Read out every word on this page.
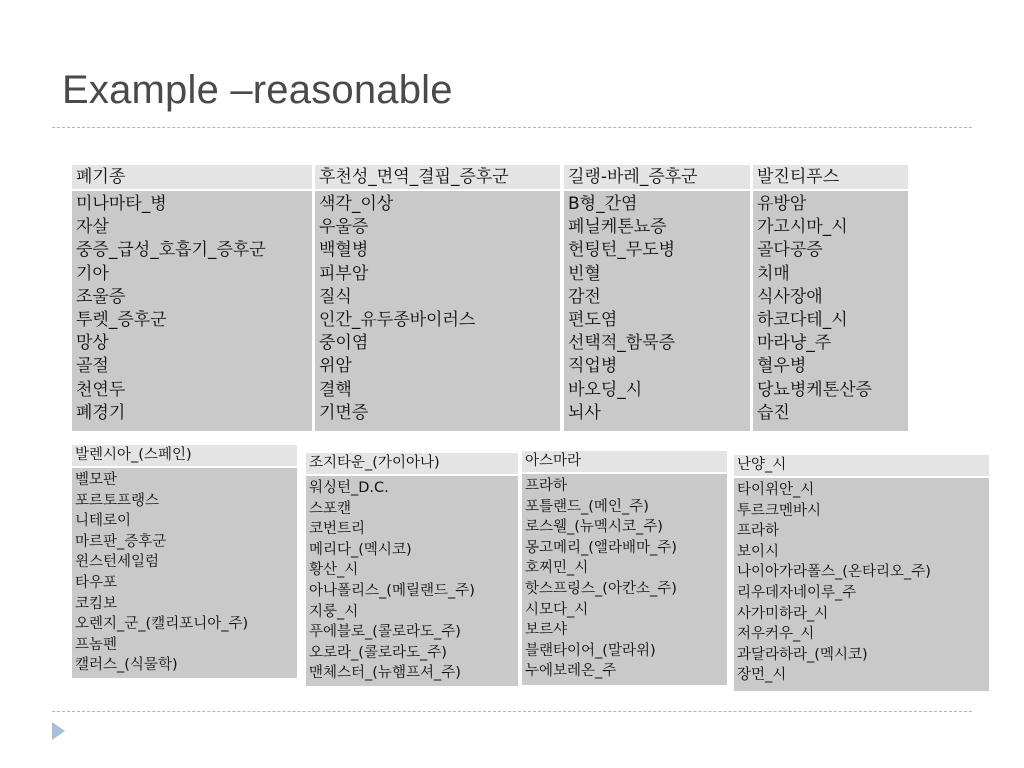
Example –reasonable
폐기종
미나마타_병
자살
중증_급성_호흡기_증후군
기아
조울증
투렛_증후군
망상
골절
천연두
폐경기
후천성_면역_결핍_증후군
색각_이상
우울증
백혈병
피부암
질식
인간_유두종바이러스
중이염
위암
결핵
기면증
길랭-바레_증후군
B형_간염
페닐케톤뇨증
헌팅턴_무도병
빈혈
감전
편도염
선택적_함묵증
직업병
바오딩_시
뇌사
발진티푸스
유방암
가고시마_시
골다공증
치매
식사장애
하코다테_시
마라냥_주
혈우병
당뇨병케톤산증
습진
발렌시아_(스페인)
벨모판
포르토프랭스
니테로이
마르판_증후군
윈스턴세일럼
타우포
코킴보
오렌지_군_(캘리포니아_주)
프놈펜
캘러스_(식물학)
조지타운_(가이아나)
워싱턴_D.C.
스포캔
코번트리
메리다_(멕시코)
황산_시
아나폴리스_(메릴랜드_주)
지룽_시
푸에블로_(콜로라도_주)
오로라_(콜로라도_주)
맨체스터_(뉴햄프셔_주)
아스마라
프라하
포틀랜드_(메인_주)
로스웰_(뉴멕시코_주)
몽고메리_(앨라배마_주)
호찌민_시
핫스프링스_(아칸소_주)
시모다_시
보르샤
블랜타이어_(말라위)
누에보레온_주
난양_시
타이위안_시
투르크멘바시
프라하
보이시
나이아가라폴스_(온타리오_주)
리우데자네이루_주
사가미하라_시
저우커우_시
과달라하라_(멕시코)
장먼_시
